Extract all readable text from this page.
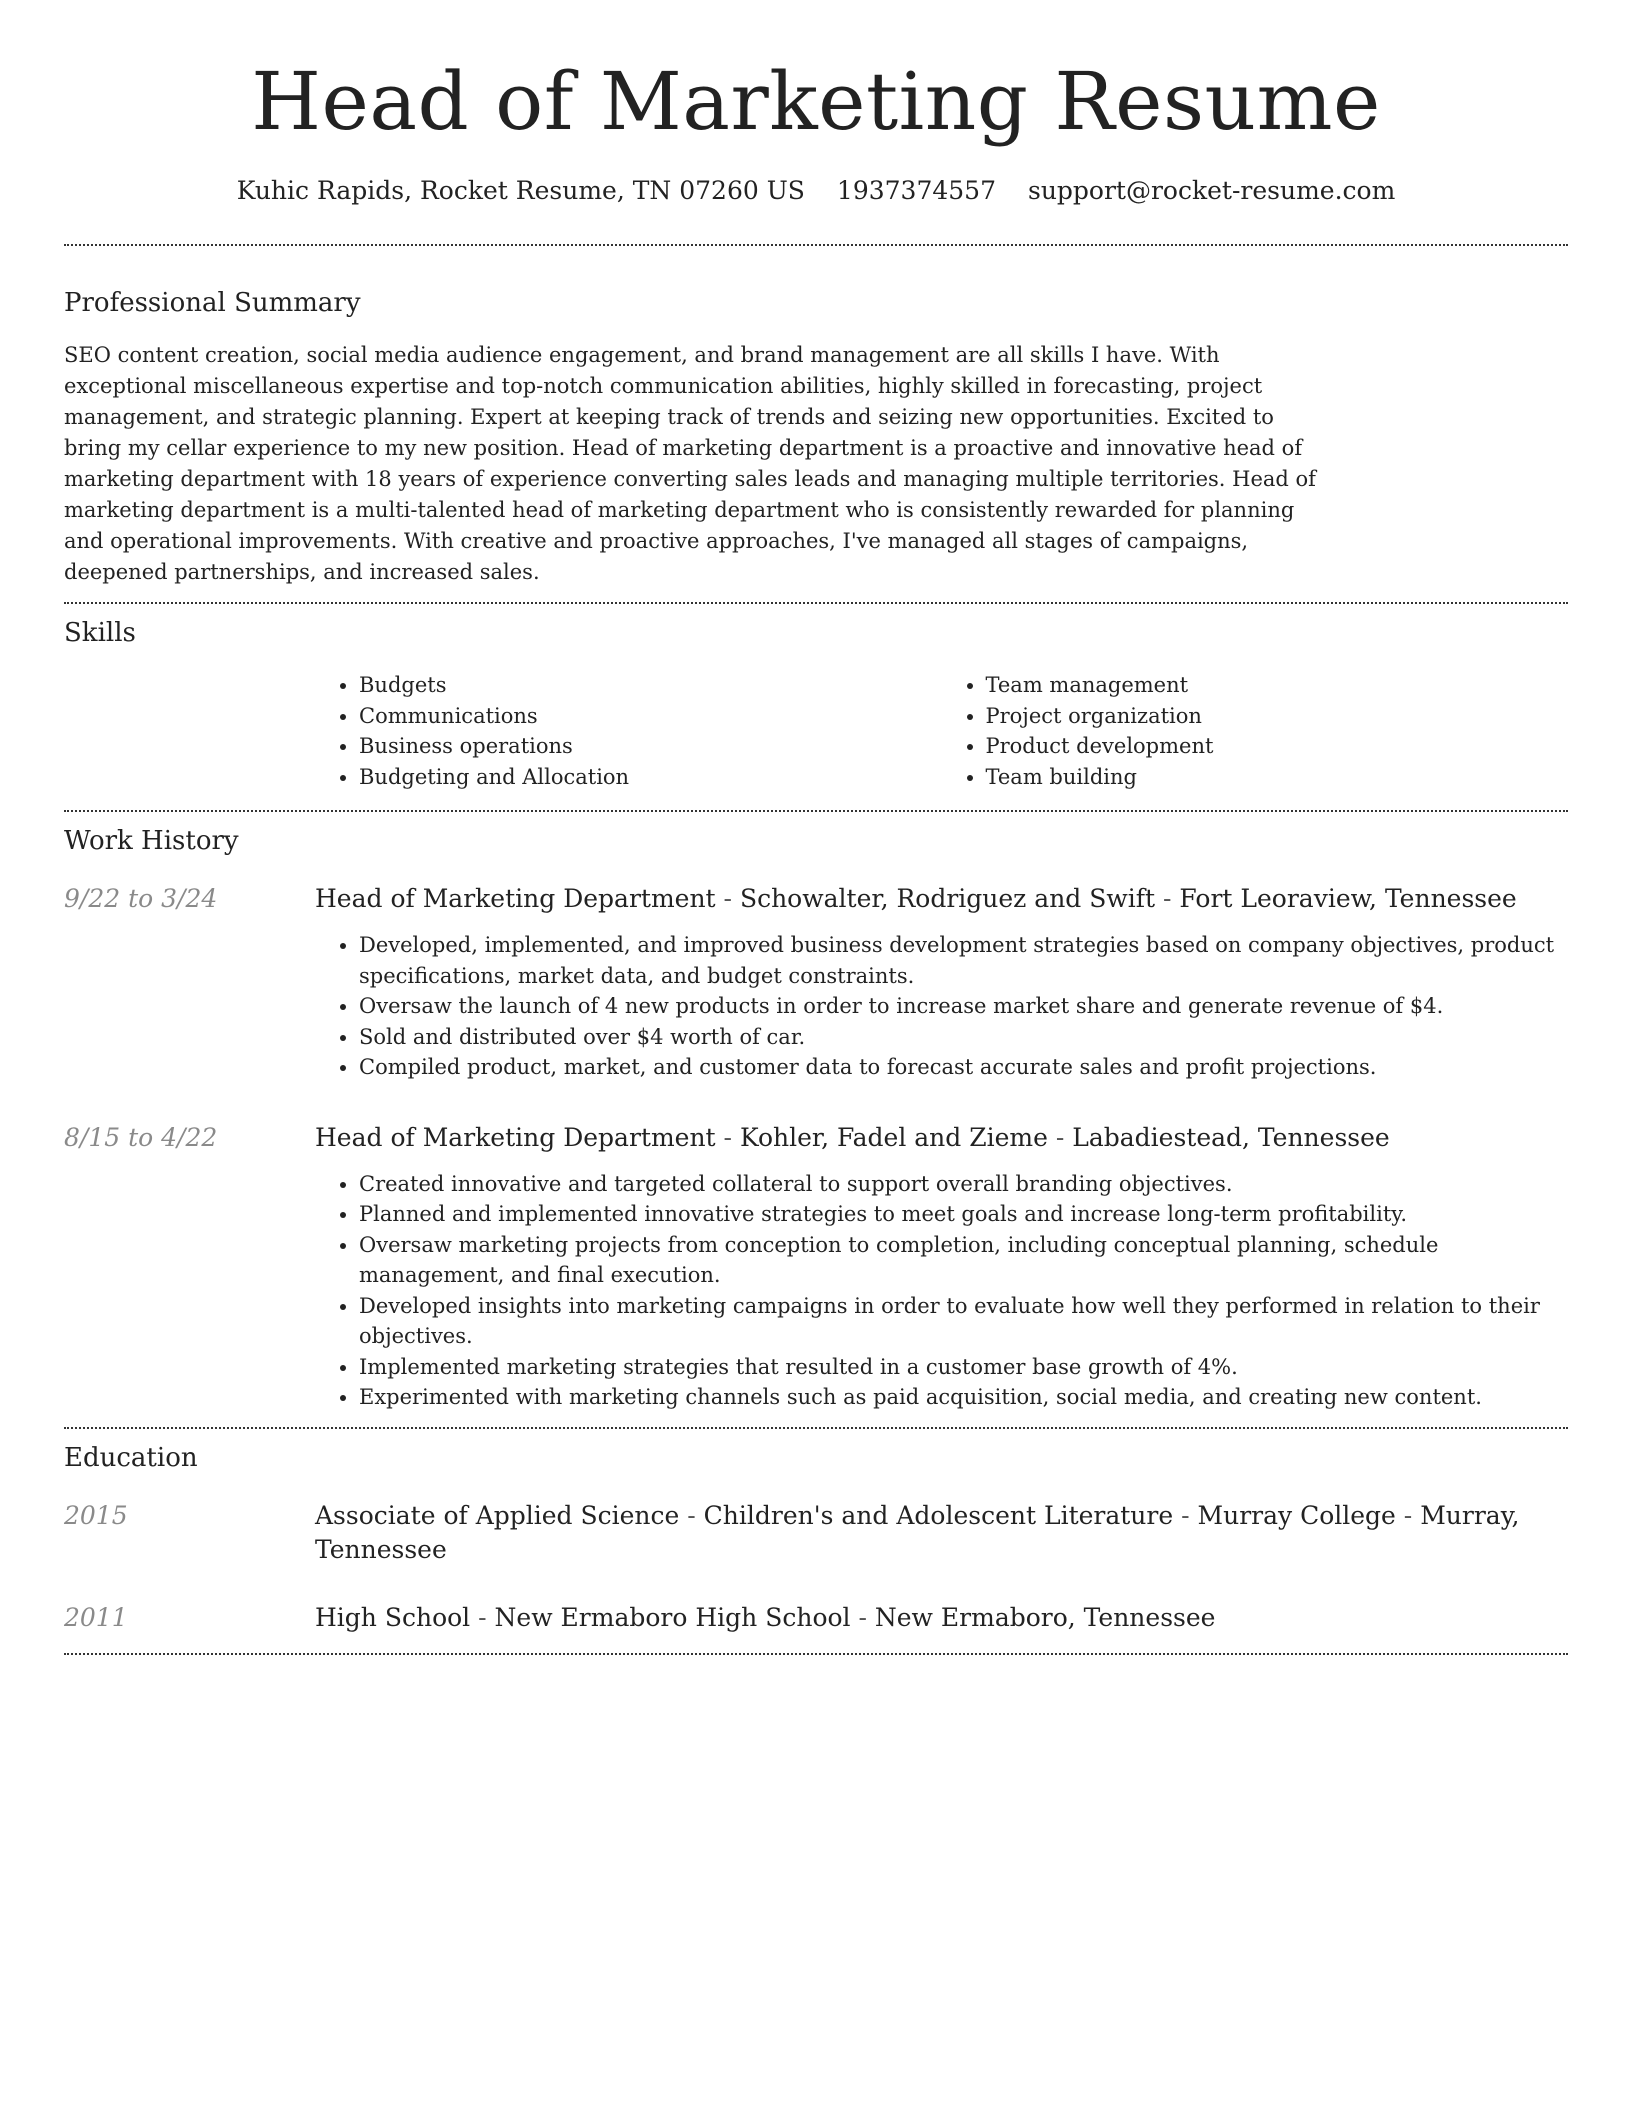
Head of Marketing Resume
Kuhic Rapids, Rocket Resume, TN 07260 US 1937374557 support@rocket-resume.com
Professional Summary

SEO content creation, social media audience engagement, and brand management are all skills I have. With exceptional miscellaneous expertise and top-notch communication abilities, highly skilled in forecasting, project management, and strategic planning. Expert at keeping track of trends and seizing new opportunities. Excited to bring my cellar experience to my new position. Head of marketing department is a proactive and innovative head of marketing department with 18 years of experience converting sales leads and managing multiple territories. Head of marketing department is a multi-talented head of marketing department who is consistently rewarded for planning and operational improvements. With creative and proactive approaches, I've managed all stages of campaigns, deepened partnerships, and increased sales.

Skills
• Budgets
• Communications
• Business operations
• Budgeting and Allocation
• Team management
• Project organization
• Product development
• Team building
Work History
9/22 to 3/24	Head of Marketing Department - Schowalter, Rodriguez and Swift - Fort Leoraview, Tennessee
• Developed, implemented, and improved business development strategies based on company objectives, product specifications, market data, and budget constraints.
• Oversaw the launch of 4 new products in order to increase market share and generate revenue of $4.
• Sold and distributed over $4 worth of car.
• Compiled product, market, and customer data to forecast accurate sales and profit projections.
8/15 to 4/22	Head of Marketing Department - Kohler, Fadel and Zieme - Labadiestead, Tennessee
• Created innovative and targeted collateral to support overall branding objectives.
• Planned and implemented innovative strategies to meet goals and increase long-term profitability.
• Oversaw marketing projects from conception to completion, including conceptual planning, schedule management, and final execution.
• Developed insights into marketing campaigns in order to evaluate how well they performed in relation to their objectives.
• Implemented marketing strategies that resulted in a customer base growth of 4%.
• Experimented with marketing channels such as paid acquisition, social media, and creating new content.
Education
2015	Associate of Applied Science - Children's and Adolescent Literature - Murray College - Murray, Tennessee
2011	High School - New Ermaboro High School - New Ermaboro, Tennessee
